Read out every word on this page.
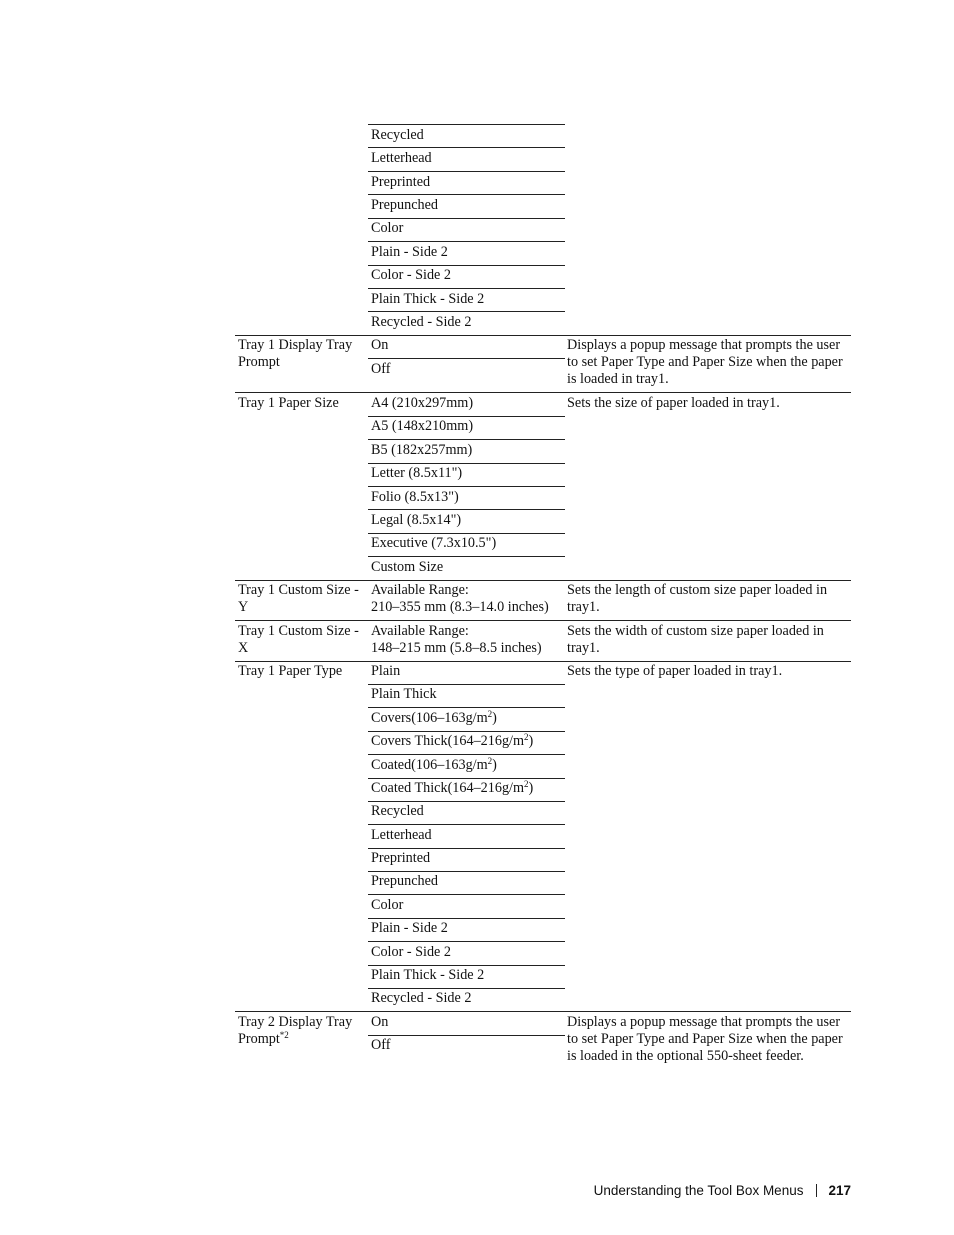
Recycled
Letterhead
Preprinted
Prepunched
Color
Plain - Side 2
Color - Side 2
Plain Thick - Side 2
Recycled - Side 2
Tray 1 Display Tray Prompt
On
Off
Displays a popup message that prompts the user to set Paper Type and Paper Size when the paper is loaded in tray1.
Tray 1 Paper Size	Sets the size of paper loaded in tray1.
A4 (210x297mm)
A5 (148x210mm)
B5 (182x257mm)
Letter (8.5x11")
Folio (8.5x13")
Legal (8.5x14")
Executive (7.3x10.5")
Custom Size
Tray 1 Custom Size -
Y
Available Range:
210–355 mm (8.3–14.0 inches)
Sets the length of custom size paper loaded in tray1.
Tray 1 Custom Size -
X
Available Range:
148–215 mm (5.8–8.5 inches)
Sets the width of custom size paper loaded in tray1.
Tray 1 Paper Type	Sets the type of paper loaded in tray1.
Plain
Plain Thick
$Covers(106-163g/m^2)$
Covers $Thick(164-216g/m^2)$
$Coated(106-163g/m^2)$
Coated $Thick(164-216g/m^2)$
Recycled
Letterhead
Preprinted
Prepunched
Color
Plain - Side 2
Color - Side 2
Plain Thick - Side 2
Recycled - Side 2
Tray 2 Display Tray Prompt$^{*2}$
On
Off
Displays a popup message that prompts the user to set Paper Type and Paper Size when the paper is loaded in the optional 550-sheet feeder.
Understanding the Tool Box Menus 217
